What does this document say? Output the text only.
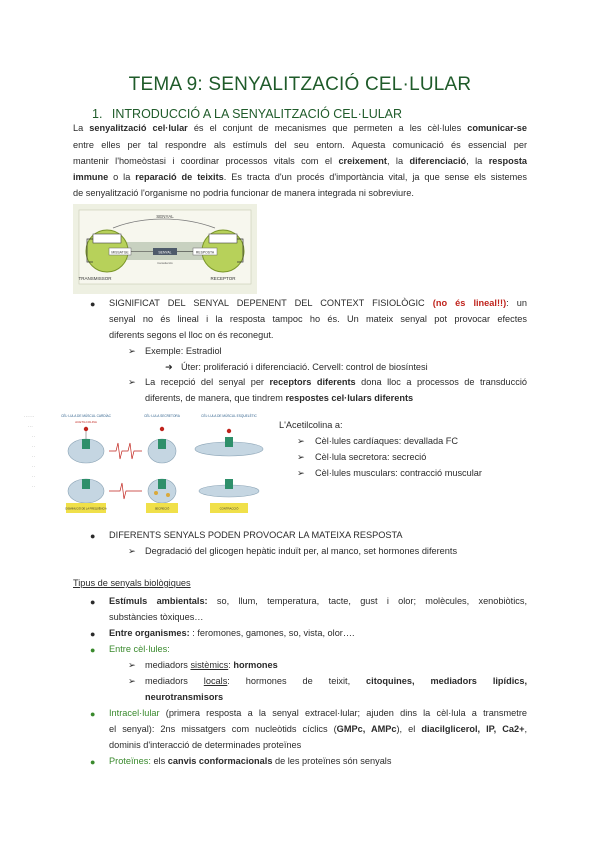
TEMA 9: SENYALITZACIÓ CEL·LULAR
1. INTRODUCCIÓ A LA SENYALITZACIÓ CEL·LULAR
La senyalització cel·lular és el conjunt de mecanismes que permeten a les cèl·lules comunicar-se
entre elles per tal respondre als estímuls del seu entorn. Aquesta comunicació és essencial per
mantenir l'homeòstasi i coordinar processos vitals com el creixement, la diferenciació, la resposta
immune o la reparació de teixits. Es tracta d'un procés d'importància vital, ja que sense els sistemes
de senyalització l'organisme no podria funcionar de manera integrada ni sobreviure.
SENYAL
MISSATGE	SENYAL	RESPOSTA
transducció
TRANSMISSOR	RECEPTOR
● SIGNIFICAT DEL SENYAL DEPENENT DEL CONTEXT FISIOLÒGIC (no és lineal!!): un
senyal no és lineal i la resposta tampoc ho és. Un mateix senyal pot provocar efectes
diferents segons el lloc on és reconegut.
➢ Exemple: Estradiol
➜ Úter: proliferació i diferenciació. Cervell: control de biosíntesi
➢ La recepció del senyal per receptors diferents dona lloc a processos de transducció
diferents, de manera, que tindrem respostes cel·lulars diferents
- - - - - -
- - -
- -
- -
- -
- -
- -
- -
CÈL·LULA DE MÚSCUL CARDÍAC	CÈL·LULA SECRETORA	CÈL·LULA DE MÚSCUL ESQUELÈTIC
ACETILCOLINA
DISMINUCIÓ DE LA FREQÜÈNCIA	SECRECIÓ	CONTRACCIÓ
L'Acetilcolina a:
➢ Cèl·lules cardíaques: devallada FC
➢ Cèl·lula secretora: secreció
➢ Cèl·lules musculars: contracció muscular
● DIFERENTS SENYALS PODEN PROVOCAR LA MATEIXA RESPOSTA
➢ Degradació del glicogen hepàtic induït per, al manco, set hormones diferents
Tipus de senyals biològiques
● Estímuls ambientals: so, llum, temperatura, tacte, gust i olor; molècules, xenobiòtics,
substàncies tòxiques…
● Entre organismes: : feromones, gamones, so, vista, olor….
● Entre cèl·lules:
➢ mediadors sistèmics: hormones
➢ mediadors locals: hormones de teixit, citoquines, mediadors lipídics,
neurotransmisors
● Intracel·lular (primera resposta a la senyal extracel·lular; ajuden dins la cèl·lula a transmetre
el senyal): 2ns missatgers com nucleòtids cíclics (GMPc, AMPc), el diacilglicerol, IP, Ca2+,
dominis d'interacció de determinades proteïnes
● Proteïnes: els canvis conformacionals de les proteïnes són senyals
